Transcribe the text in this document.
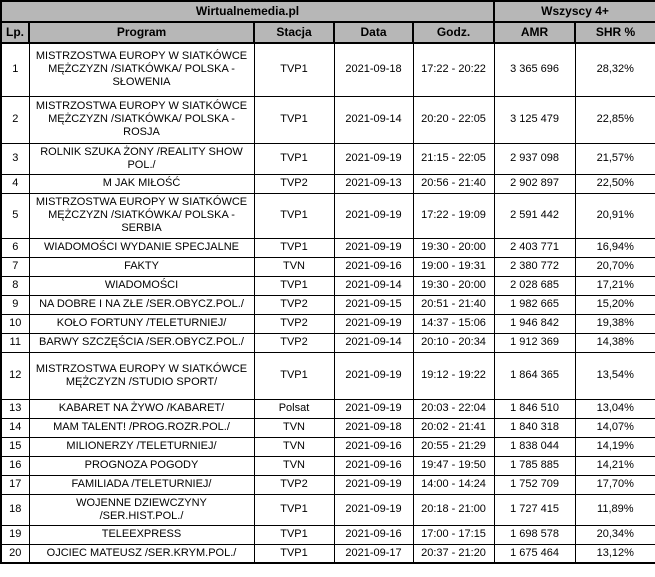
Wirtualnemedia.pl					Wszyscy 4+	
Lp.	Program	Stacja	Data	Godz.	AMR	SHR %
1	MISTRZOSTWA EUROPY W SIATKÓWCE MĘŻCZYZN /SIATKÓWKA/ POLSKA - SŁOWENIA	TVP1	2021-09-18	17:22 - 20:22	3 365 696	28,32%
2	MISTRZOSTWA EUROPY W SIATKÓWCE MĘŻCZYZN /SIATKÓWKA/ POLSKA - ROSJA	TVP1	2021-09-14	20:20 - 22:05	3 125 479	22,85%
3	ROLNIK SZUKA ŻONY /REALITY SHOW POL./	TVP1	2021-09-19	21:15 - 22:05	2 937 098	21,57%
4	M JAK MIŁOŚĆ	TVP2	2021-09-13	20:56 - 21:40	2 902 897	22,50%
5	MISTRZOSTWA EUROPY W SIATKÓWCE MĘŻCZYZN /SIATKÓWKA/ POLSKA - SERBIA	TVP1	2021-09-19	17:22 - 19:09	2 591 442	20,91%
6	WIADOMOŚCI WYDANIE SPECJALNE	TVP1	2021-09-19	19:30 - 20:00	2 403 771	16,94%
7	FAKTY	TVN	2021-09-16	19:00 - 19:31	2 380 772	20,70%
8	WIADOMOŚCI	TVP1	2021-09-14	19:30 - 20:00	2 028 685	17,21%
9	NA DOBRE I NA ZŁE /SER.OBYCZ.POL./	TVP2	2021-09-15	20:51 - 21:40	1 982 665	15,20%
10	KOŁO FORTUNY /TELETURNIEJ/	TVP2	2021-09-19	14:37 - 15:06	1 946 842	19,38%
11	BARWY SZCZĘŚCIA /SER.OBYCZ.POL./	TVP2	2021-09-14	20:10 - 20:34	1 912 369	14,38%
12	MISTRZOSTWA EUROPY W SIATKÓWCE MĘŻCZYZN /STUDIO SPORT/	TVP1	2021-09-19	19:12 - 19:22	1 864 365	13,54%
13	KABARET NA ŻYWO /KABARET/	Polsat	2021-09-19	20:03 - 22:04	1 846 510	13,04%
14	MAM TALENT! /PROG.ROZR.POL./	TVN	2021-09-18	20:02 - 21:41	1 840 318	14,07%
15	MILIONERZY /TELETURNIEJ/	TVN	2021-09-16	20:55 - 21:29	1 838 044	14,19%
16	PROGNOZA POGODY	TVN	2021-09-16	19:47 - 19:50	1 785 885	14,21%
17	FAMILIADA /TELETURNIEJ/	TVP2	2021-09-19	14:00 - 14:24	1 752 709	17,70%
18	WOJENNE DZIEWCZYNY /SER.HIST.POL./	TVP1	2021-09-19	20:18 - 21:00	1 727 415	11,89%
19	TELEEXPRESS	TVP1	2021-09-16	17:00 - 17:15	1 698 578	20,34%
20	OJCIEC MATEUSZ /SER.KRYM.POL./	TVP1	2021-09-17	20:37 - 21:20	1 675 464	13,12%
